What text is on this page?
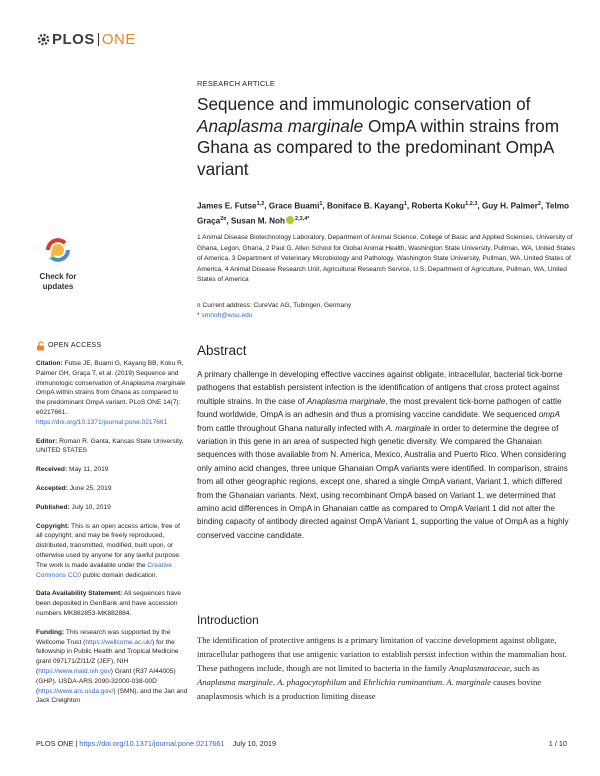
PLOS ONE
RESEARCH ARTICLE
Sequence and immunologic conservation of Anaplasma marginale OmpA within strains from Ghana as compared to the predominant OmpA variant
James E. Futse$^{1,2}$, Grace Buami$^1$, Boniface B. Kayang$^1$, Roberta Koku$^{1,2,3}$, Guy H. Palmer$^2$, Telmo Graça$^{2¤}$, Susan M. Noh $^{2,3,4*}$
1 Animal Disease Biotechnology Laboratory, Department of Animal Science, College of Basic and Applied Sciences, University of Ghana, Legon, Ghana, 2 Paul G. Allen School for Global Animal Health, Washington State University, Pullman, WA, United States of America, 3 Department of Veterinary Microbiology and Pathology, Washington State University, Pullman, WA, United States of America, 4 Animal Disease Research Unit, Agricultural Research Service, U.S. Department of Agriculture, Pullman, WA, United States of America
¤ Current address: CureVac AG, Tubingen, Germany
* smnoh@wsu.edu
Check for
updates
OPEN ACCESS
Citation: Futse JE, Buami G, Kayang BB, Koku R, Palmer GH, Graça T, et al. (2019) Sequence and immunologic conservation of Anaplasma marginale OmpA within strains from Ghana as compared to the predominant OmpA variant. PLoS ONE 14(7): e0217661. https://doi.org/10.1371/journal.pone.0217661
Editor: Roman R. Ganta, Kansas State University, UNITED STATES
Received: May 11, 2019
Accepted: June 25, 2019
Published: July 10, 2019
Copyright: This is an open access article, free of all copyright, and may be freely reproduced, distributed, transmitted, modified, built upon, or otherwise used by anyone for any lawful purpose. The work is made available under the Creative Commons CC0 public domain dedication.
Data Availability Statement: All sequences have been deposited in GenBank and have accession numbers MK882853-MK882884.
Funding: This research was supported by the Wellcome Trust (https://wellcome.ac.uk/) for the fellowship in Public Health and Tropical Medicine grant 097171/Z/11/Z (JEF), NIH (https://www.niaid.nih.gov) Grant (R37 AI44005) (GHP). USDA-ARS 2090-32000-038-00D (https://www.ars.usda.gov/) (SMN), and the Jan and Jack Creighton
Abstract
A primary challenge in developing effective vaccines against obligate, intracellular, bacterial tick-borne pathogens that establish persistent infection is the identification of antigens that cross protect against multiple strains. In the case of Anaplasma marginale, the most prevalent tick-borne pathogen of cattle found worldwide, OmpA is an adhesin and thus a promising vaccine candidate. We sequenced ompA from cattle throughout Ghana naturally infected with A. marginale in order to determine the degree of variation in this gene in an area of suspected high genetic diversity. We compared the Ghanaian sequences with those available from N. America, Mexico, Australia and Puerto Rico. When considering only amino acid changes, three unique Ghanaian OmpA variants were identified. In comparison, strains from all other geographic regions, except one, shared a single OmpA variant, Variant 1, which differed from the Ghanaian variants. Next, using recombinant OmpA based on Variant 1, we determined that amino acid differences in OmpA in Ghanaian cattle as compared to OmpA Variant 1 did not alter the binding capacity of antibody directed against OmpA Variant 1, supporting the value of OmpA as a highly conserved vaccine candidate.
Introduction
The identification of protective antigens is a primary limitation of vaccine development against obligate, intracellular pathogens that use antigenic variation to establish persist infection within the mammalian host. These pathogens include, though are not limited to bacteria in the family Anaplasmataceae, such as Anaplasma marginale, A. phagocytophilum and Ehrlichia ruminantium. A. marginale causes bovine anaplasmosis which is a production limiting disease
PLOS ONE | https://doi.org/10.1371/journal.pone.0217661 July 10, 2019	1 / 10
